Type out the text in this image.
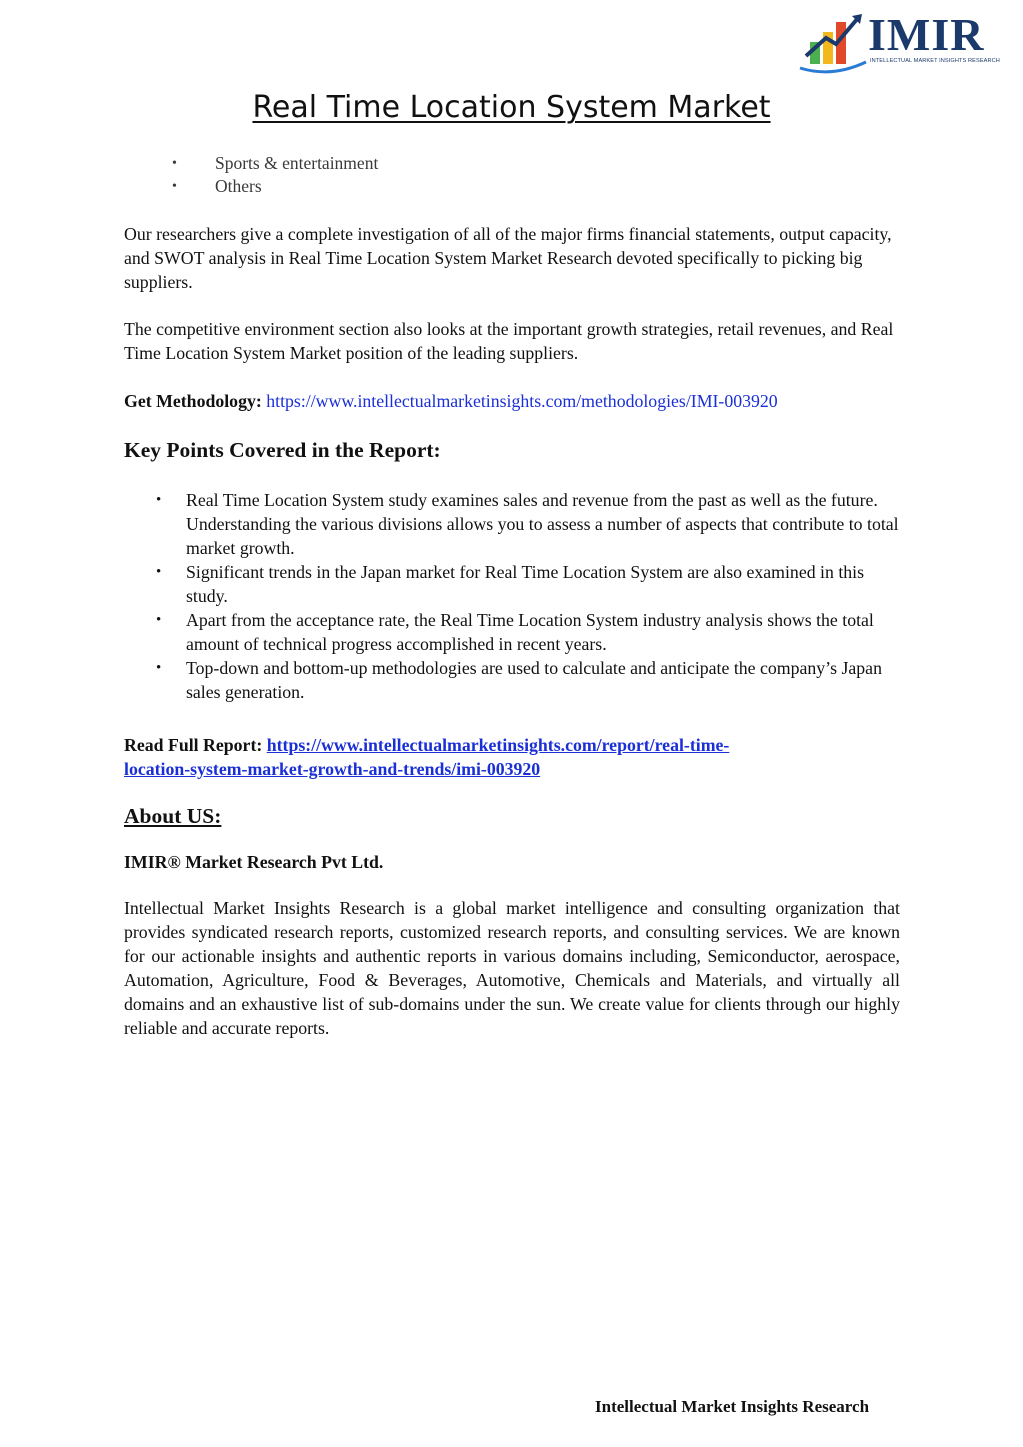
IMIR
INTELLECTUAL MARKET INSIGHTS RESEARCH
Real Time Location System Market
• Sports & entertainment
• Others

Our researchers give a complete investigation of all of the major firms financial statements, output capacity, and SWOT analysis in Real Time Location System Market Research devoted specifically to picking big suppliers.

The competitive environment section also looks at the important growth strategies, retail revenues, and Real Time Location System Market position of the leading suppliers.

Get Methodology: https://www.intellectualmarketinsights.com/methodologies/IMI-003920

Key Points Covered in the Report:
• Real Time Location System study examines sales and revenue from the past as well as the future. Understanding the various divisions allows you to assess a number of aspects that contribute to total market growth.
• Significant trends in the Japan market for Real Time Location System are also examined in this study.
• Apart from the acceptance rate, the Real Time Location System industry analysis shows the total amount of technical progress accomplished in recent years.
• Top-down and bottom-up methodologies are used to calculate and anticipate the company’s Japan sales generation.

Read Full Report: https://www.intellectualmarketinsights.com/report/real-time-
location-system-market-growth-and-trends/imi-003920

About US:

IMIR® Market Research Pvt Ltd.

Intellectual Market Insights Research is a global market intelligence and consulting organization that provides syndicated research reports, customized research reports, and consulting services. We are known for our actionable insights and authentic reports in various domains including, Semiconductor, aerospace, Automation, Agriculture, Food & Beverages, Automotive, Chemicals and Materials, and virtually all domains and an exhaustive list of sub-domains under the sun. We create value for clients through our highly reliable and accurate reports.

Intellectual Market Insights Research
